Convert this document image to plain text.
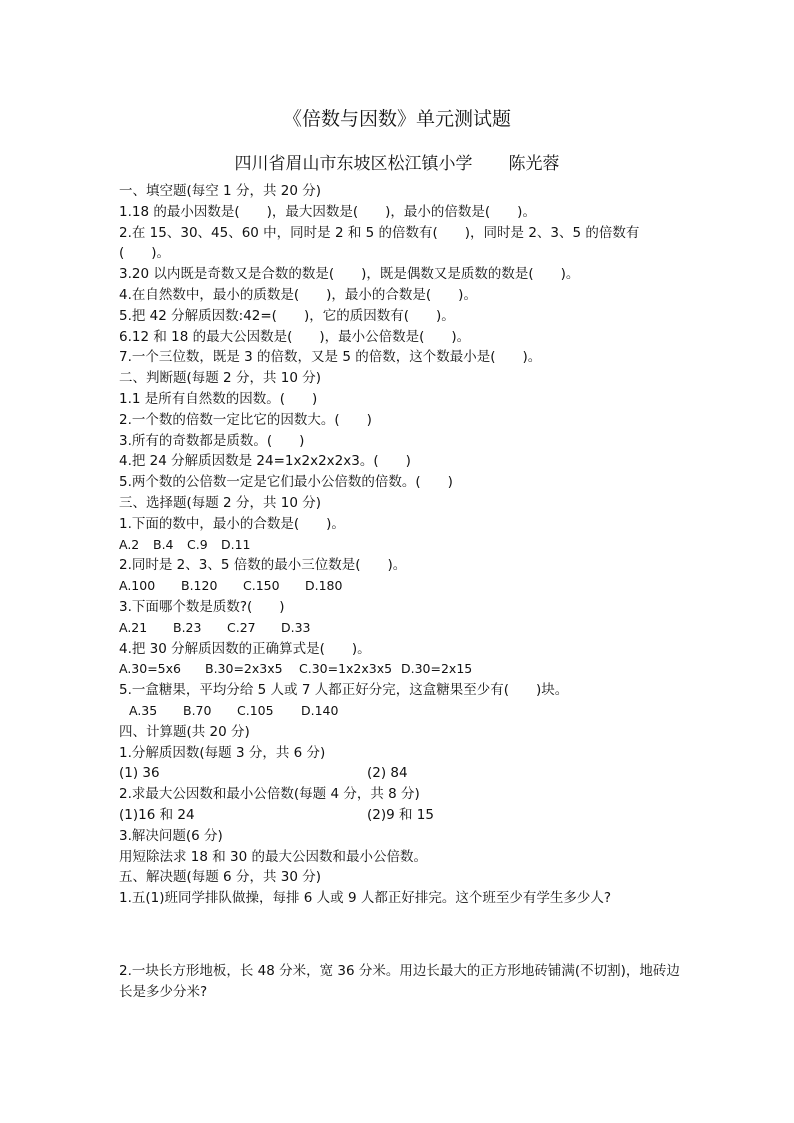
《倍数与因数》单元测试题
四川省眉山市东坡区松江镇小学 陈光蓉
一、填空题(每空 1 分，共 20 分)
1.18 的最小因数是(　　)，最大因数是(　　)，最小的倍数是(　　)。
2.在 15、30、45、60 中，同时是 2 和 5 的倍数有(　　)，同时是 2、3、5 的倍数有(　　)。
3.20 以内既是奇数又是合数的数是(　　)，既是偶数又是质数的数是(　　)。
4.在自然数中，最小的质数是(　　)，最小的合数是(　　)。
5.把 42 分解质因数:42=(　　)，它的质因数有(　　)。
6.12 和 18 的最大公因数是(　　)，最小公倍数是(　　)。
7.一个三位数，既是 3 的倍数，又是 5 的倍数，这个数最小是(　　)。
二、判断题(每题 2 分，共 10 分)
1.1 是所有自然数的因数。(　　)
2.一个数的倍数一定比它的因数大。(　　)
3.所有的奇数都是质数。(　　)
4.把 24 分解质因数是 24=1x2x2x2x3。(　　)
5.两个数的公倍数一定是它们最小公倍数的倍数。(　　)
三、选择题(每题 2 分，共 10 分)
1.下面的数中，最小的合数是(　　)。
A.2 B.4 C.9 D.11
2.同时是 2、3、5 倍数的最小三位数是(　　)。
A.100 B.120 C.150 D.180
3.下面哪个数是质数?(　　)
A.21 B.23 C.27 D.33
4.把 30 分解质因数的正确算式是(　　)。
A.30=5x6 B.30=2x3x5 C.30=1x2x3x5 D.30=2x15
5.一盒糖果，平均分给 5 人或 7 人都正好分完，这盒糖果至少有(　　)块。
A.35 B.70 C.105 D.140
四、计算题(共 20 分)
1.分解质因数(每题 3 分，共 6 分)
(1) 36	(2) 84
2.求最大公因数和最小公倍数(每题 4 分，共 8 分)
(1)16 和 24	(2)9 和 15
3.解决问题(6 分)
用短除法求 18 和 30 的最大公因数和最小公倍数。
五、解决题(每题 6 分，共 30 分)
1.五(1)班同学排队做操，每排 6 人或 9 人都正好排完。这个班至少有学生多少人?
2.一块长方形地板，长 48 分米，宽 36 分米。用边长最大的正方形地砖铺满(不切割)，地砖边长是多少分米?
